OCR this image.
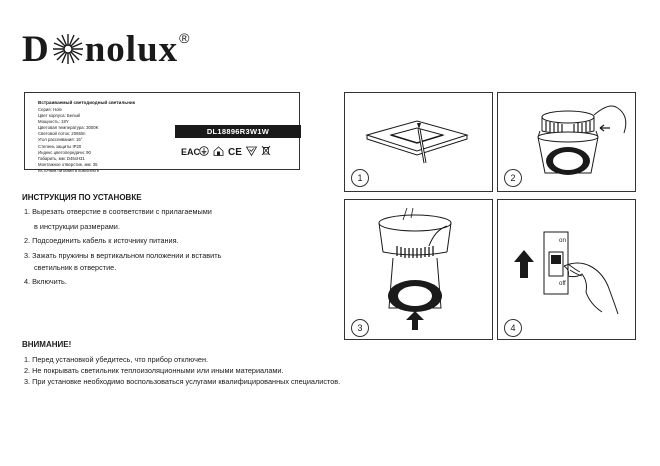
D nolux ®
Встраиваемый светодиодный светильник
Серия: Hole
Цвет корпуса: Белый
Мощность: 18Y
Цветовая температура: 3000K
Световой поток: 2065lm
Угол рассеивания: 15°
Степень защиты IP20
Индекс цветопередачи: 90
Габарить, мм: D45xH31
Монтажное отверстие, мм: 35
Источник питания в комплекте
DL18896R3W1W
EAC	CE
ИНСТРУКЦИЯ ПО УСТАНОВКЕ
1. Вырезать отверстие в соответствии с прилагаемыми
в инструкции размерами.
2. Подсоединить кабель к источнику питания.
3. Зажать пружины в вертикальном положении и вставить
светильник в отверстие.
4. Включить.
ВНИМАНИЕ!
1. Перед установкой убедитесь, что прибор отключен.
2. Не покрывать светильник теплоизоляционными или иными материалами.
3. При установке необходимо воспользоваться услугами квалифицированных специалистов.
1	2
3
on
off
4
